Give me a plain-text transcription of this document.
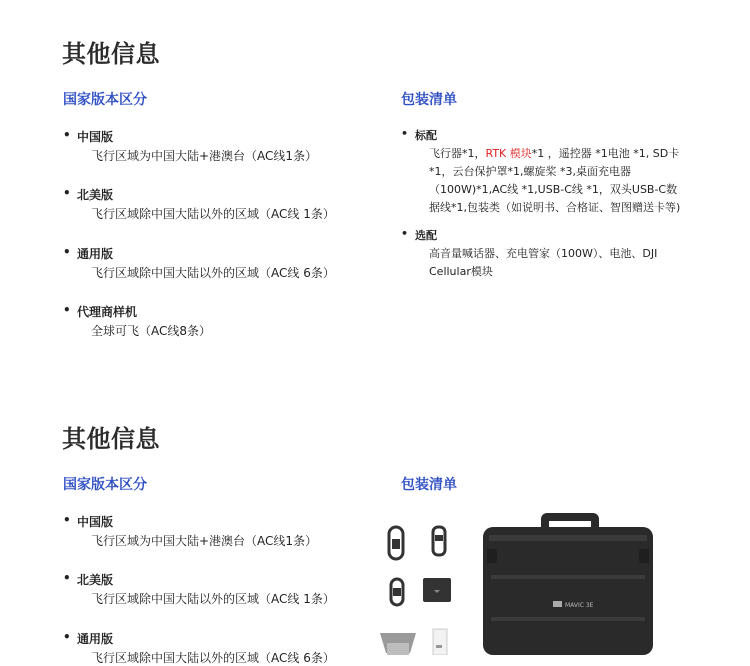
其他信息
国家版本区分	包装清单
• 中国版
飞行区域为中国大陆+港澳台（AC线1条）
• 北美版
飞行区域除中国大陆以外的区域（AC线 1条）
• 通用版
飞行区域除中国大陆以外的区域（AC线 6条）
• 代理商样机
全球可飞（AC线8条）
• 标配
飞行器*1，RTK 模块*1 ，遥控器 *1电池 *1, SD卡
*1，云台保护罩*1,螺旋桨 *3,桌面充电器
（100W)*1,AC线 *1,USB-C线 *1，双头USB-C数
据线*1,包装类（如说明书、合格证、智图赠送卡等)
• 选配
高音量喊话器、充电管家（100W）、电池、DJI
Cellular模块
其他信息
国家版本区分	包装清单
• 中国版
飞行区域为中国大陆+港澳台（AC线1条）
• 北美版
飞行区域除中国大陆以外的区域（AC线 1条）
• 通用版
飞行区域除中国大陆以外的区域（AC线 6条）
MAVIC 3E
